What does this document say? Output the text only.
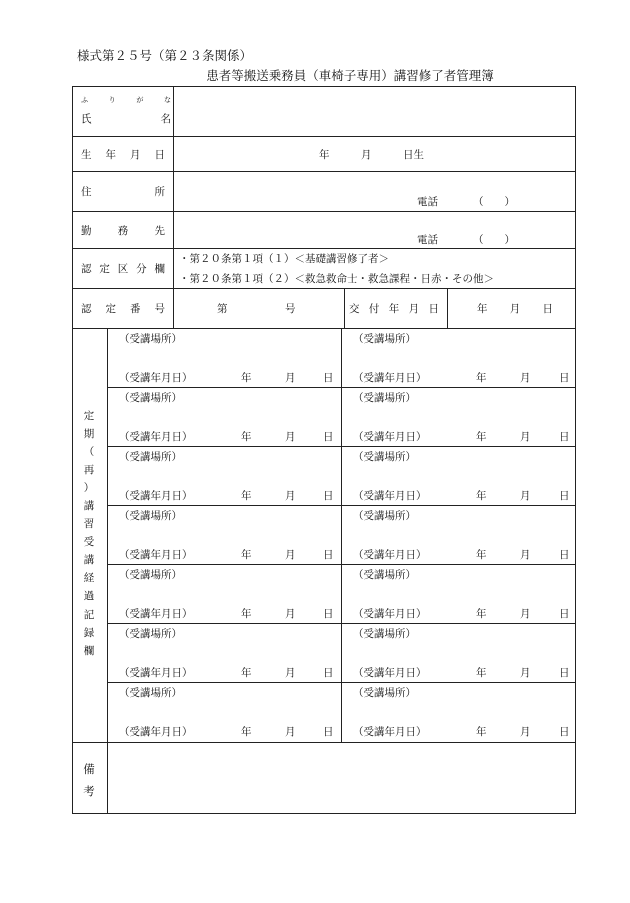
様式第２５号（第２３条関係）
患者等搬送乗務員（車椅子専用）講習修了者管理簿
ふ	り	が	な
氏	名
生 年 月 日	年　　　月　　　日生
住	所
電話	（　　）
勤	務	先
電話	（　　）
認 定 区 分 欄
・第２０条第１項（１）＜基礎講習修了者＞
・第２０条第１項（２）＜救急救命士・救急課程・日赤・その他＞
認 定 番 号	第	号	交 付 年 月 日	年 月 日
定
期
（
再
）
講
習
受
講
経
過
記
録
欄
（受講場所）
（受講年月日）	年	月	日
（受講場所）
（受講年月日）	年	月	日
（受講場所）
（受講年月日）	年	月	日
（受講場所）
（受講年月日）	年	月	日
（受講場所）
（受講年月日）	年	月	日
（受講場所）
（受講年月日）	年	月	日
（受講場所）
（受講年月日）	年	月	日
（受講場所）
（受講年月日）	年	月	日
（受講場所）
（受講年月日）	年	月	日
（受講場所）
（受講年月日）	年	月	日
（受講場所）
（受講年月日）	年	月	日
（受講場所）
（受講年月日）	年	月	日
（受講場所）
（受講年月日）	年	月	日
（受講場所）
（受講年月日）	年	月	日
備
考
